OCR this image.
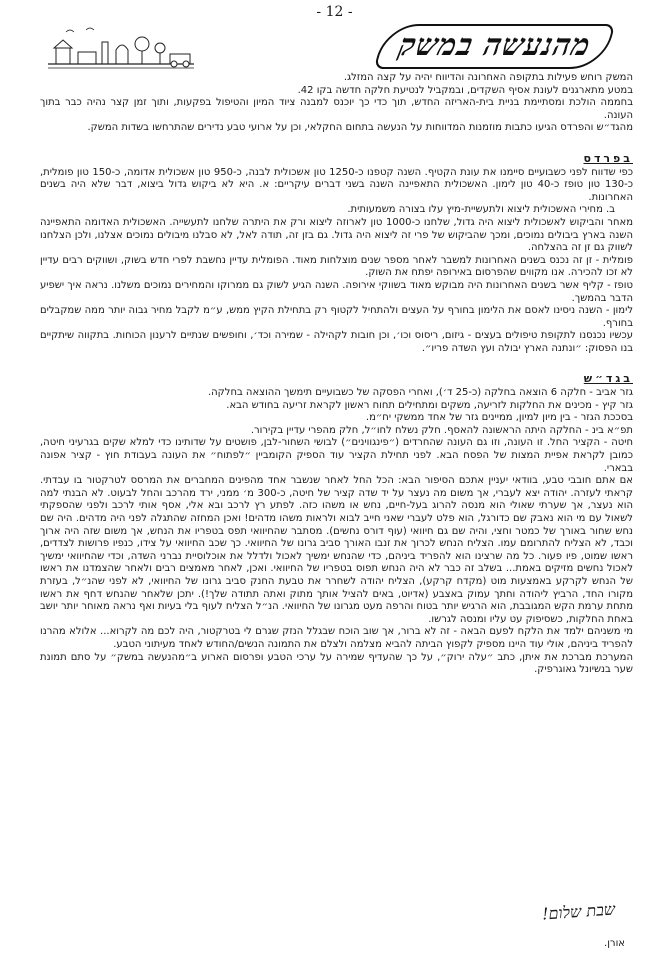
- 12 -
מהנעשה במשק

המשק רוחש פעילות בתקופה האחרונה והדיווח יהיה על קצה המזלג.

במטע מתארגנים לעונת אסיף השקדים, ובמקביל לנטיעת חלקה חדשה בקו 42.

בחממה הולכת ומסתיימת בניית בית-האריזה החדש, תוך כדי כך יוכנס למבנה ציוד המיון והטיפול בפקעות, ותוך זמן קצר נהיה כבר בתוך העונה.

מהגד״ש והפרדס הגיעו כתבות מוזמנות המדווחות על הנעשה בתחום החקלאי, וכן על ארועי טבע נדירים שהתרחשו בשדות המשק.

בפרדס

כפי שדווח לפני כשבועיים סיימנו את עונת הקטיף. השנה קטפנו כ-1250 טון אשכולית לבנה, כ-950 טון אשכולית אדומה, כ-150 טון פומלית, כ-130 טון טופז כ-40 טון לימון. האשכולית התאפיינה השנה בשני דברים עיקריים: א. היא לא ביקוש גדול ביצוא, דבר שלא היה בשנים האחרונות.

ב. מחירי האשכולית ליצוא ולתעשיית-מיץ עלו בצורה משמעותית.

מאחר והביקוש לאשכולית ליצוא היה גדול, שלחנו כ-1000 טון לארוזה ליצוא ורק את היתרה שלחנו לתעשייה. האשכולית האדומה התאפיינה השנה בארץ ביבולים נמוכים, ומכך שהביקוש של פרי זה ליצוא היה גדול. גם בזן זה, תודה לאל, לא סבלנו מיבולים נמוכים אצלנו, ולכן הצלחנו לשווק גם זן זה בהצלחה.

פומלית - זן זה נכנס בשנים האחרונות למשבר לאחר מספר שנים מוצלחות מאוד. הפומלית עדיין נחשבת לפרי חדש בשוק, ושווקים רבים עדיין לא זכו להכירה. אנו מקווים שהפרסום באירופה יפתח את השוק.

טופז - קליף אשר בשנים האחרונות היה מבוקש מאוד בשווקי אירופה. השנה הגיע לשוק גם ממרוקו והמחירים נמוכים משלנו. נראה איך ישפיע הדבר בהמשך.

לימון - השנה ניסינו לאסם את הלימון בחורף על העצים ולהתחיל לקטוף רק בתחילת הקיץ ממש, ע״מ לקבל מחיר גבוה יותר ממה שמקבלים בחורף.

עכשיו נכנסנו לתקופת טיפולים בעצים - גיזום, ריסוס וכו׳, וכן חובות לקהילה - שמירה וכד׳, וחופשים שנתיים לרענון הכוחות. בתקווה שיתקיים בנו הפסוק: ״ונתנה הארץ יבולה ועץ השדה פריו״.

בגד״ש

גזר אביב - חלקה 6 הוצאה בחלקה (כ-25 ד׳), ואחרי הפסקה של כשבועיים תימשך ההוצאה בחלקה.

גזר קיץ - מכינים את החלקות לזריעה, משקים ומתחילים תחוח ראשון לקראת זריעה בחודש הבא.

בסככת הגזר - בין מיון למיון, ממיינים גזר של אחד ממשקי יח״מ.

תפ״א בינ - החלקה היתה הראשונה להאסף. חלק נשלח לחו״ל, חלק מהפרי עדיין בקירור.

חיטה - הקציר החל. זו העונה, וזו גם העונה שהחרדים (״פינגווינים״) לבושי השחור-לבן, פושטים על שדותינו כדי למלא שקים בגרעיני חיטה, כמובן לקראת אפיית המצות של הפסח הבא. לפני תחילת הקציר עוד הספיק הקומביין ״לפתוח״ את העונה בעבודת חוץ - קציר אפונה בבארי.

אם אתם חובבי טבע, בוודאי יעניין אתכם הסיפור הבא: הכל החל לאחר שנשבר אחד מהפינים המחברים את המרסס לטרקטור בו עבדתי. קראתי לעזרה. יהודה יצא לעברי, אך משום מה נעצר על יד שדה קציר של חיטה, כ-300 מ׳ ממני, ירד מהרכב והחל לבעוט. לא הבנתי למה הוא נעצר, אך שערתי שאולי הוא מנסה להרוג בעל-חיים, נחש או משהו כזה. לפתע רץ לרכב ובא אלי, אסף אותי לרכב ולפני שהספקתי לשאול עם מי הוא נאבק שם כדורגל, הוא פלט לעברי שאני חייב לבוא ולראות משהו מדהים! ואכן המחזה שהתגלה לפני היה מדהים. היה שם נחש שחור באורך של כמטר וחצי, והיה שם גם חיוואי (עוף דורס נחשים). מסתבר שהחיוואי תפס בטפריו את הנחש, אך משום שזה היה ארוך וכבד, לא הצליח להתרומם עמו. הצליח הנחש לכרוך את זנבו האורך סביב גרונו של החיוואי. כך שכב החיוואי על צידו, כנפיו פרושות לצדדים, ראשו שמוט, פיו פעור. כל מה שרצינו הוא להפריד ביניהם, כדי שהנחש ימשיך לאכול ולדלל את אוכלוסיית נברני השדה, וכדי שהחיוואי ימשיך לאכול נחשים מזיקים באמת... בשלב זה כבר לא היה הנחש תפוס בטפריו של החיוואי. ואכן, לאחר מאמצים רבים ולאחר שהצמדנו את ראשו של הנחש לקרקע באמצעות מוט (מקדח קרקע), הצליח יהודה לשחרר את טבעת החנק סביב גרונו של החיוואי, לא לפני שהנ״ל, בעזרת מקורו החד, הרביץ ליהודה וחתך עמוק באצבע (אדיוט, באים להציל אותך מתוק ואתה תתודה שלך!). יתכן שלאחר שהנחש דחף את ראשו מתחת ערמת הקש המגובבת, הוא הרגיש יותר בטוח והרפה מעט מגרונו של החיוואי. הנ״ל הצליח לעוף בלי בעיות ואף נראה מאוחר יותר יושב באחת החלקות, כשסיפוק עט עליו ומנסה לגרשו.

מי משניהם ילמד את הלקח לפעם הבאה - זה לא ברור, אך שוב הוכח שבגלל הנזק שגרם לי בטרקטור, היה לכם מה לקרוא... אלולא מהרנו להפריד ביניהם, אולי עוד היינו מספיק לקפוץ הביתה להביא מצלמה ולצלם את התמונה הנשים/החודש לאחד מעיתוני הטבע.

המערכת מברכת את איתן, כתב ״עלה ירוק״, על כך שהעדיף שמירה על ערכי הטבע ופרסום הארוע ב״מהנעשה במשק״ על סתם תמונת שער בנשיונל גאוגרפיק.

שבת שלום!
אורן.
